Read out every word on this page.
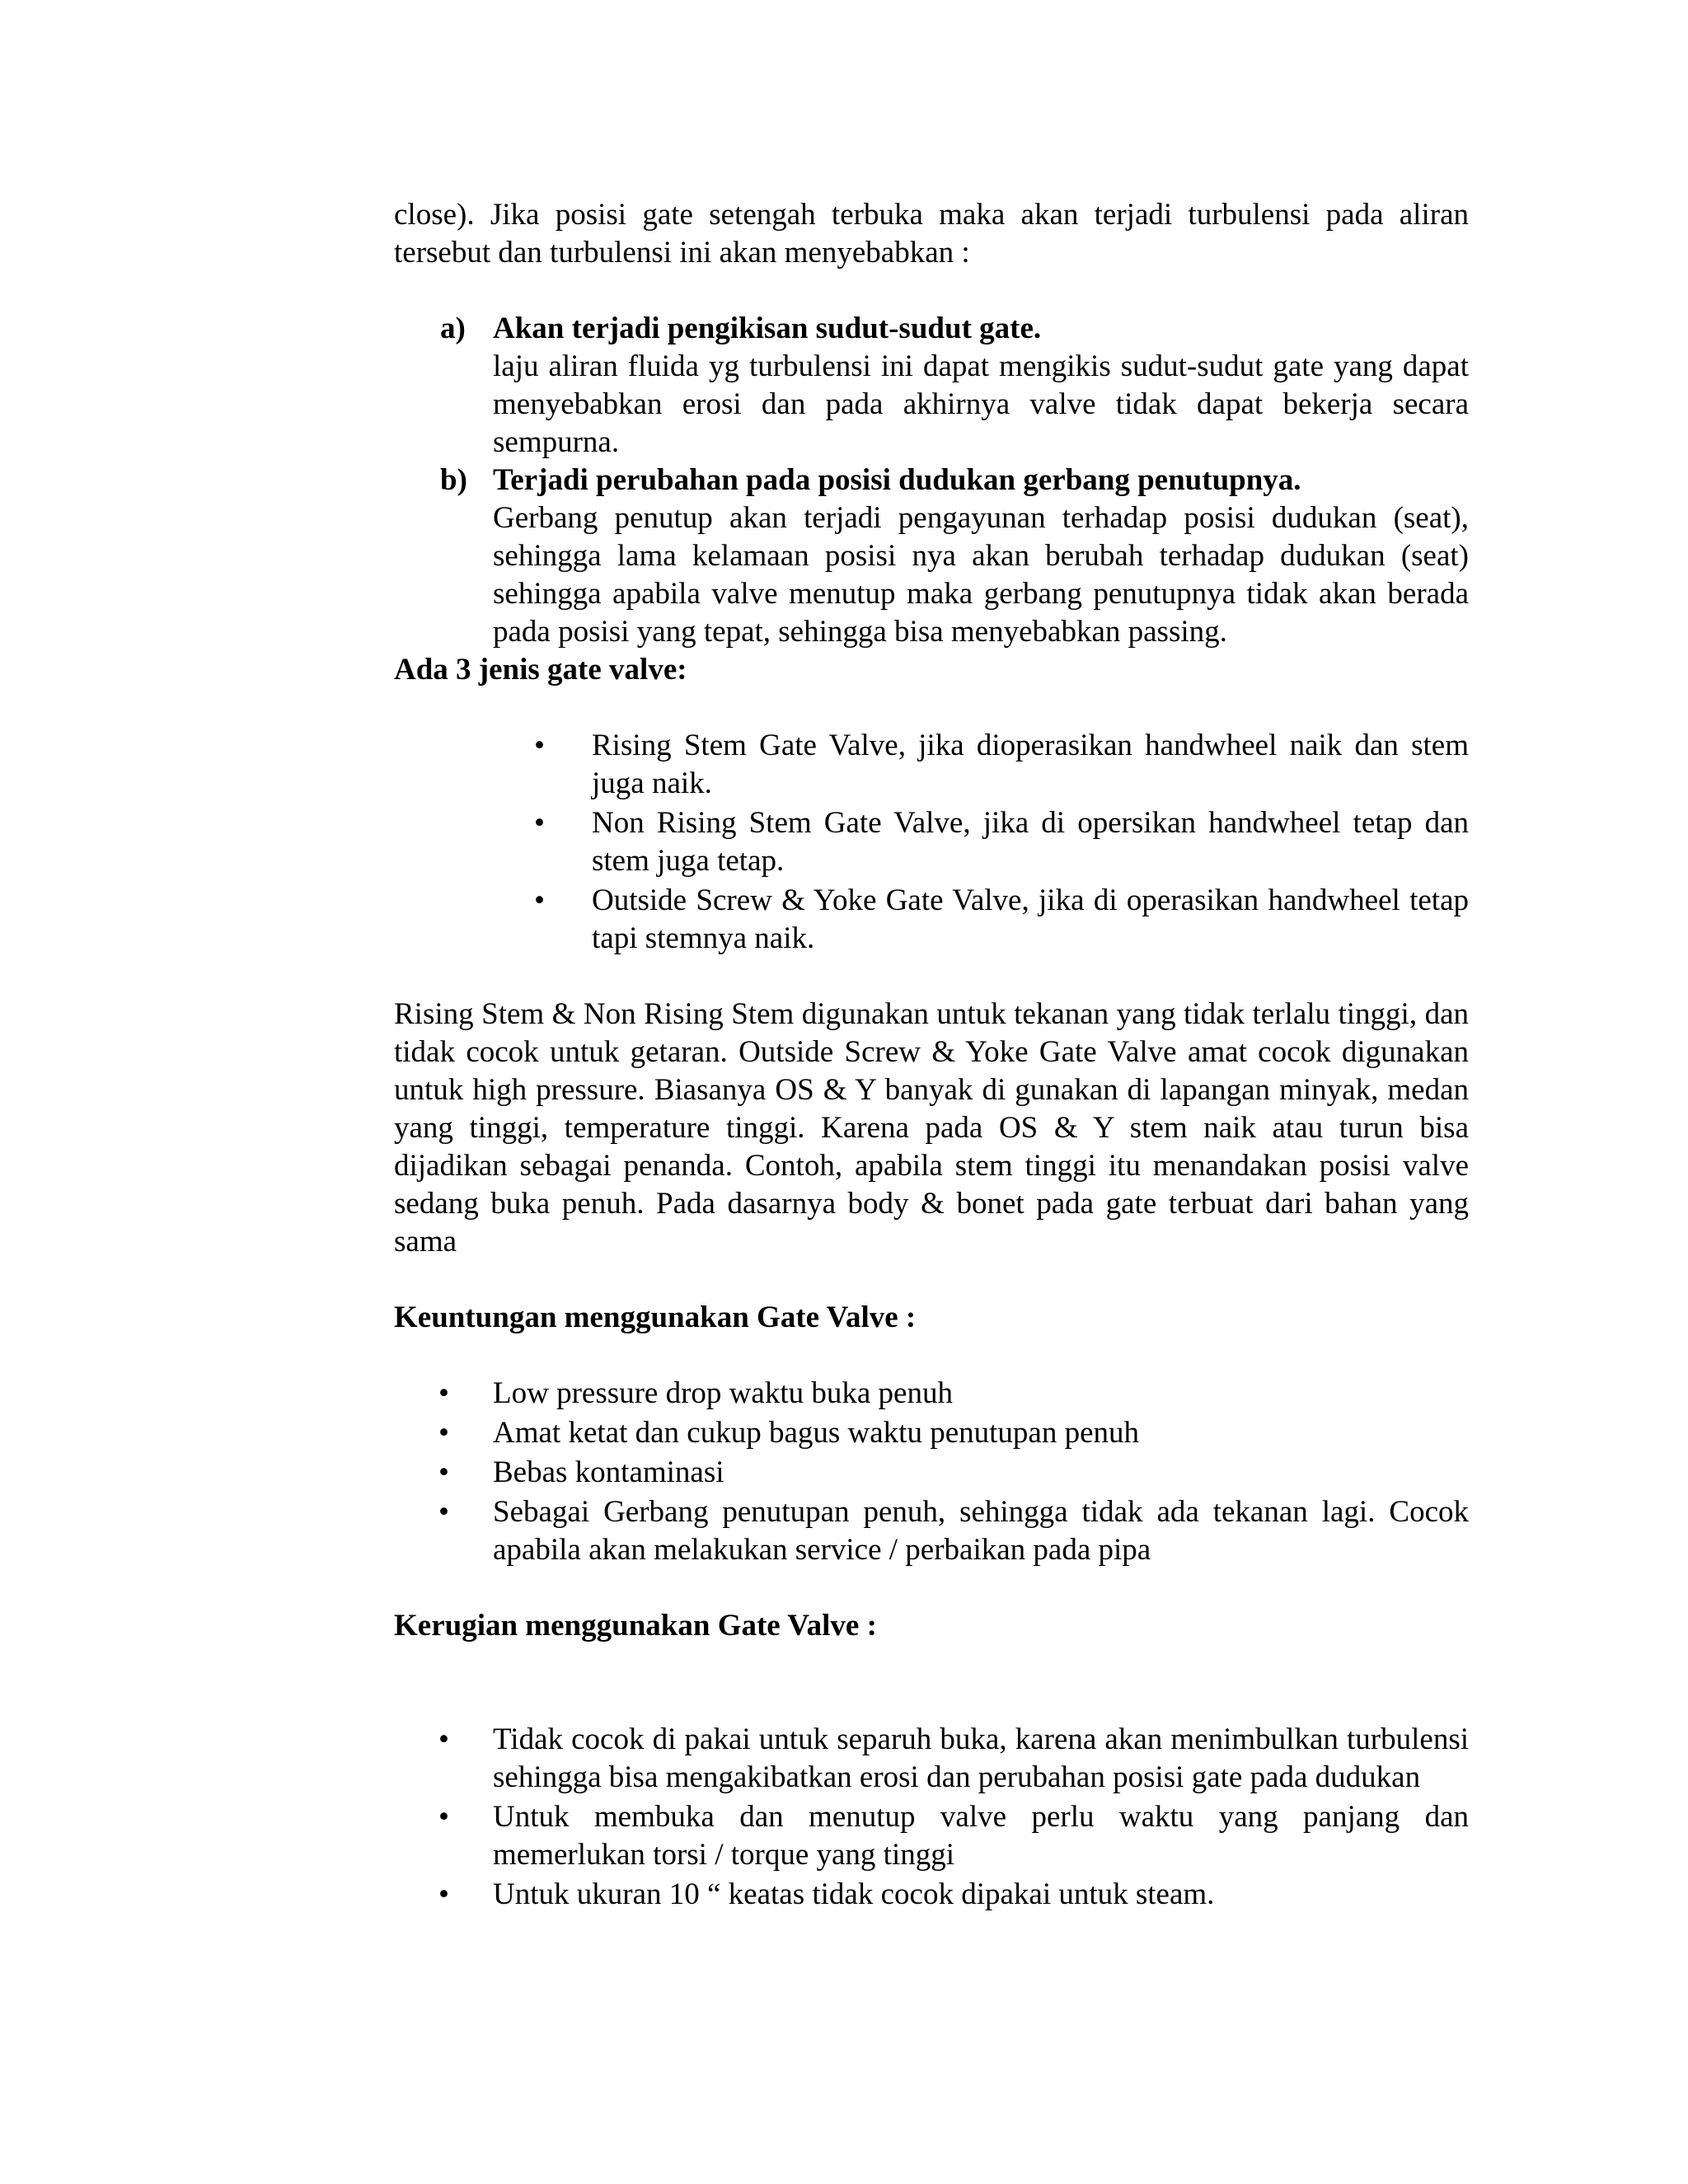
close). Jika posisi gate setengah terbuka maka akan terjadi turbulensi pada aliran tersebut dan turbulensi ini akan menyebabkan :

a) Akan terjadi pengikisan sudut-sudut gate.

laju aliran fluida yg turbulensi ini dapat mengikis sudut-sudut gate yang dapat menyebabkan erosi dan pada akhirnya valve tidak dapat bekerja secara sempurna.

b) Terjadi perubahan pada posisi dudukan gerbang penutupnya.

Gerbang penutup akan terjadi pengayunan terhadap posisi dudukan (seat), sehingga lama kelamaan posisi nya akan berubah terhadap dudukan (seat) sehingga apabila valve menutup maka gerbang penutupnya tidak akan berada pada posisi yang tepat, sehingga bisa menyebabkan passing.

Ada 3 jenis gate valve:

• Rising Stem Gate Valve, jika dioperasikan handwheel naik dan stem juga naik.
• Non Rising Stem Gate Valve, jika di opersikan handwheel tetap dan stem juga tetap.
• Outside Screw & Yoke Gate Valve, jika di operasikan handwheel tetap tapi stemnya naik.

Rising Stem & Non Rising Stem digunakan untuk tekanan yang tidak terlalu tinggi, dan tidak cocok untuk getaran. Outside Screw & Yoke Gate Valve amat cocok digunakan untuk high pressure. Biasanya OS & Y banyak di gunakan di lapangan minyak, medan yang tinggi, temperature tinggi. Karena pada OS & Y stem naik atau turun bisa dijadikan sebagai penanda. Contoh, apabila stem tinggi itu menandakan posisi valve sedang buka penuh. Pada dasarnya body & bonet pada gate terbuat dari bahan yang sama

Keuntungan menggunakan Gate Valve :

• Low pressure drop waktu buka penuh
• Amat ketat dan cukup bagus waktu penutupan penuh
• Bebas kontaminasi
• Sebagai Gerbang penutupan penuh, sehingga tidak ada tekanan lagi. Cocok apabila akan melakukan service / perbaikan pada pipa

Kerugian menggunakan Gate Valve :

• Tidak cocok di pakai untuk separuh buka, karena akan menimbulkan turbulensi sehingga bisa mengakibatkan erosi dan perubahan posisi gate pada dudukan
• Untuk membuka dan menutup valve perlu waktu yang panjang dan memerlukan torsi / torque yang tinggi
• Untuk ukuran 10 “ keatas tidak cocok dipakai untuk steam.
